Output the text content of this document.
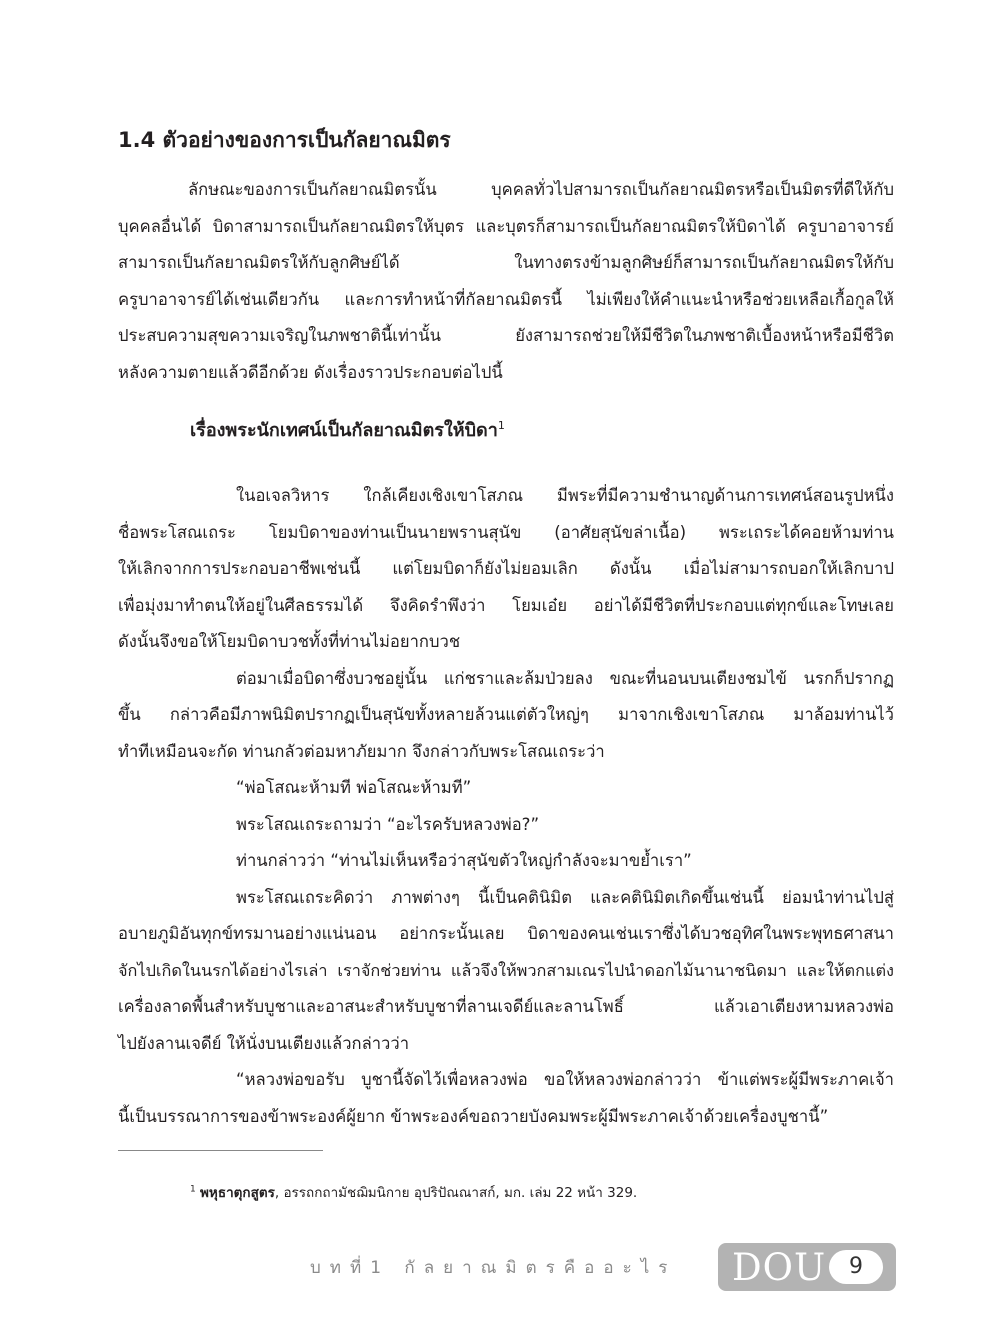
1.4 ตัวอย่างของการเป็นกัลยาณมิตร
ลักษณะของการเป็นกัลยาณมิตรนั้น บุคคลทั่วไปสามารถเป็นกัลยาณมิตรหรือเป็นมิตรที่ดีให้กับ
บุคคลอื่นได้ บิดาสามารถเป็นกัลยาณมิตรให้บุตร และบุตรก็สามารถเป็นกัลยาณมิตรให้บิดาได้ ครูบาอาจารย์
สามารถเป็นกัลยาณมิตรให้กับลูกศิษย์ได้ ในทางตรงข้ามลูกศิษย์ก็สามารถเป็นกัลยาณมิตรให้กับ
ครูบาอาจารย์ได้เช่นเดียวกัน และการทำหน้าที่กัลยาณมิตรนี้ ไม่เพียงให้คำแนะนำหรือช่วยเหลือเกื้อกูลให้
ประสบความสุขความเจริญในภพชาตินี้เท่านั้น ยังสามารถช่วยให้มีชีวิตในภพชาติเบื้องหน้าหรือมีชีวิต
หลังความตายแล้วดีอีกด้วย ดังเรื่องราวประกอบต่อไปนี้
เรื่องพระนักเทศน์เป็นกัลยาณมิตรให้บิดา$^1$
ในอเจลวิหาร ใกล้เคียงเชิงเขาโสภณ มีพระที่มีความชำนาญด้านการเทศน์สอนรูปหนึ่ง
ชื่อพระโสณเถระ โยมบิดาของท่านเป็นนายพรานสุนัข (อาศัยสุนัขล่าเนื้อ) พระเถระได้คอยห้ามท่าน
ให้เลิกจากการประกอบอาชีพเช่นนี้ แต่โยมบิดาก็ยังไม่ยอมเลิก ดังนั้น เมื่อไม่สามารถบอกให้เลิกบาป
เพื่อมุ่งมาทำตนให้อยู่ในศีลธรรมได้ จึงคิดรำพึงว่า โยมเอ๋ย อย่าได้มีชีวิตที่ประกอบแต่ทุกข์และโทษเลย
ดังนั้นจึงขอให้โยมบิดาบวชทั้งที่ท่านไม่อยากบวช
ต่อมาเมื่อบิดาซึ่งบวชอยู่นั้น แก่ชราและล้มป่วยลง ขณะที่นอนบนเตียงชมไข้ นรกก็ปรากฏ
ขึ้น กล่าวคือมีภาพนิมิตปรากฏเป็นสุนัขทั้งหลายล้วนแต่ตัวใหญ่ๆ มาจากเชิงเขาโสภณ มาล้อมท่านไว้
ทำทีเหมือนจะกัด ท่านกลัวต่อมหาภัยมาก จึงกล่าวกับพระโสณเถระว่า
“พ่อโสณะห้ามที พ่อโสณะห้ามที”
พระโสณเถระถามว่า “อะไรครับหลวงพ่อ?”
ท่านกล่าวว่า “ท่านไม่เห็นหรือว่าสุนัขตัวใหญ่กำลังจะมาขย้ำเรา”
พระโสณเถระคิดว่า ภาพต่างๆ นี้เป็นคตินิมิต และคตินิมิตเกิดขึ้นเช่นนี้ ย่อมนำท่านไปสู่
อบายภูมิอันทุกข์ทรมานอย่างแน่นอน อย่ากระนั้นเลย บิดาของคนเช่นเราซึ่งได้บวชอุทิศในพระพุทธศาสนา
จักไปเกิดในนรกได้อย่างไรเล่า เราจักช่วยท่าน แล้วจึงให้พวกสามเณรไปนำดอกไม้นานาชนิดมา และให้ตกแต่ง
เครื่องลาดพื้นสำหรับบูชาและอาสนะสำหรับบูชาที่ลานเจดีย์และลานโพธิ์ แล้วเอาเตียงหามหลวงพ่อ
ไปยังลานเจดีย์ ให้นั่งบนเตียงแล้วกล่าวว่า
“หลวงพ่อขอรับ บูชานี้จัดไว้เพื่อหลวงพ่อ ขอให้หลวงพ่อกล่าวว่า ข้าแต่พระผู้มีพระภาคเจ้า
นี้เป็นบรรณาการของข้าพระองค์ผู้ยาก ข้าพระองค์ขอถวายบังคมพระผู้มีพระภาคเจ้าด้วยเครื่องบูชานี้”
$^1$ พหุธาตุกสูตร, อรรถกถามัชฌิมนิกาย อุปริปัณณาสก์, มก. เล่ม 22 หน้า 329.
บทที่1 กัลยาณมิตรคืออะไร DOU	9
